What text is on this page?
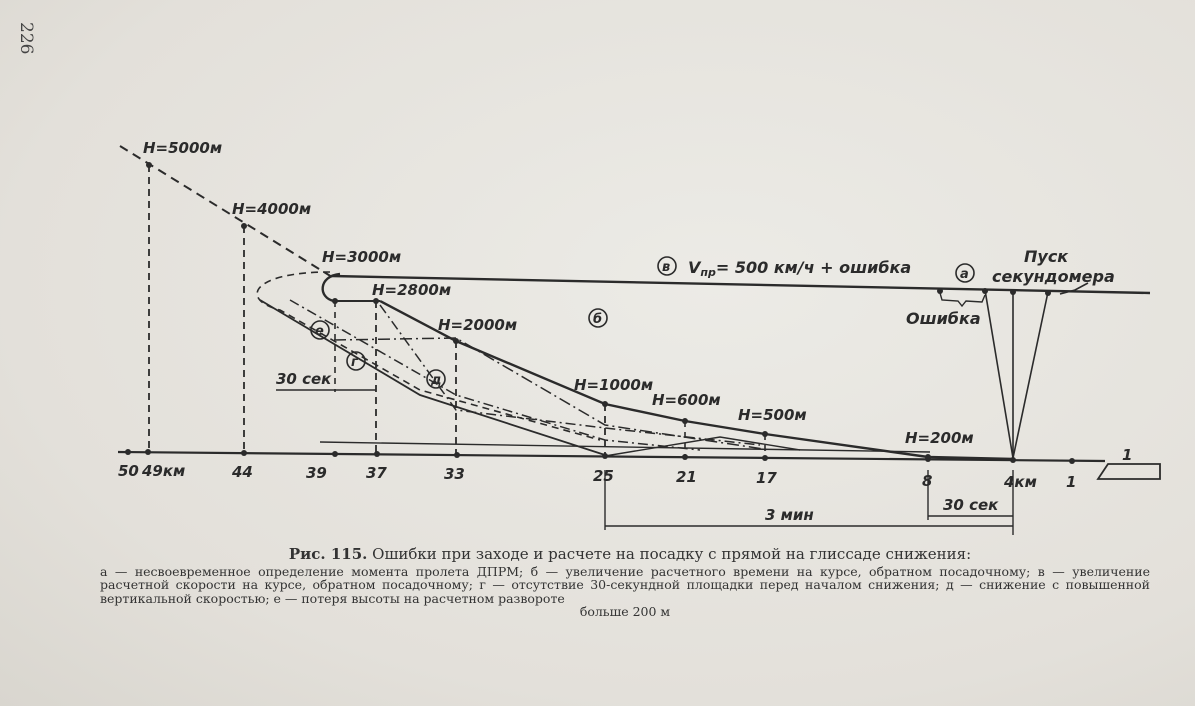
226
H=5000м
H=4000м
H=3000м
H=2800м
H=2000м
H=1000м
H=600м
H=500м
H=200м
Vпр= 500 км/ч + ошибка
Пуск
секундомера
Ошибка
а
б
в
г
д
е
50 49км	44	39	37	33	25	21	17	8	4км 1
30 сек
3 мин
30 сек
1
Рис. 115. Ошибки при заходе и расчете на посадку с прямой на глиссаде снижения:
а — несвоевременное определение момента пролета ДПРМ; б — увеличение расчетного времени на курсе, обратном посадочному; в — увеличение расчетной скорости на курсе, обратном посадочному; г — отсутствие 30-секундной площадки перед началом снижения; д — снижение с повышенной вертикальной скоростью; е — потеря высоты на расчетном развороте
больше 200 м
